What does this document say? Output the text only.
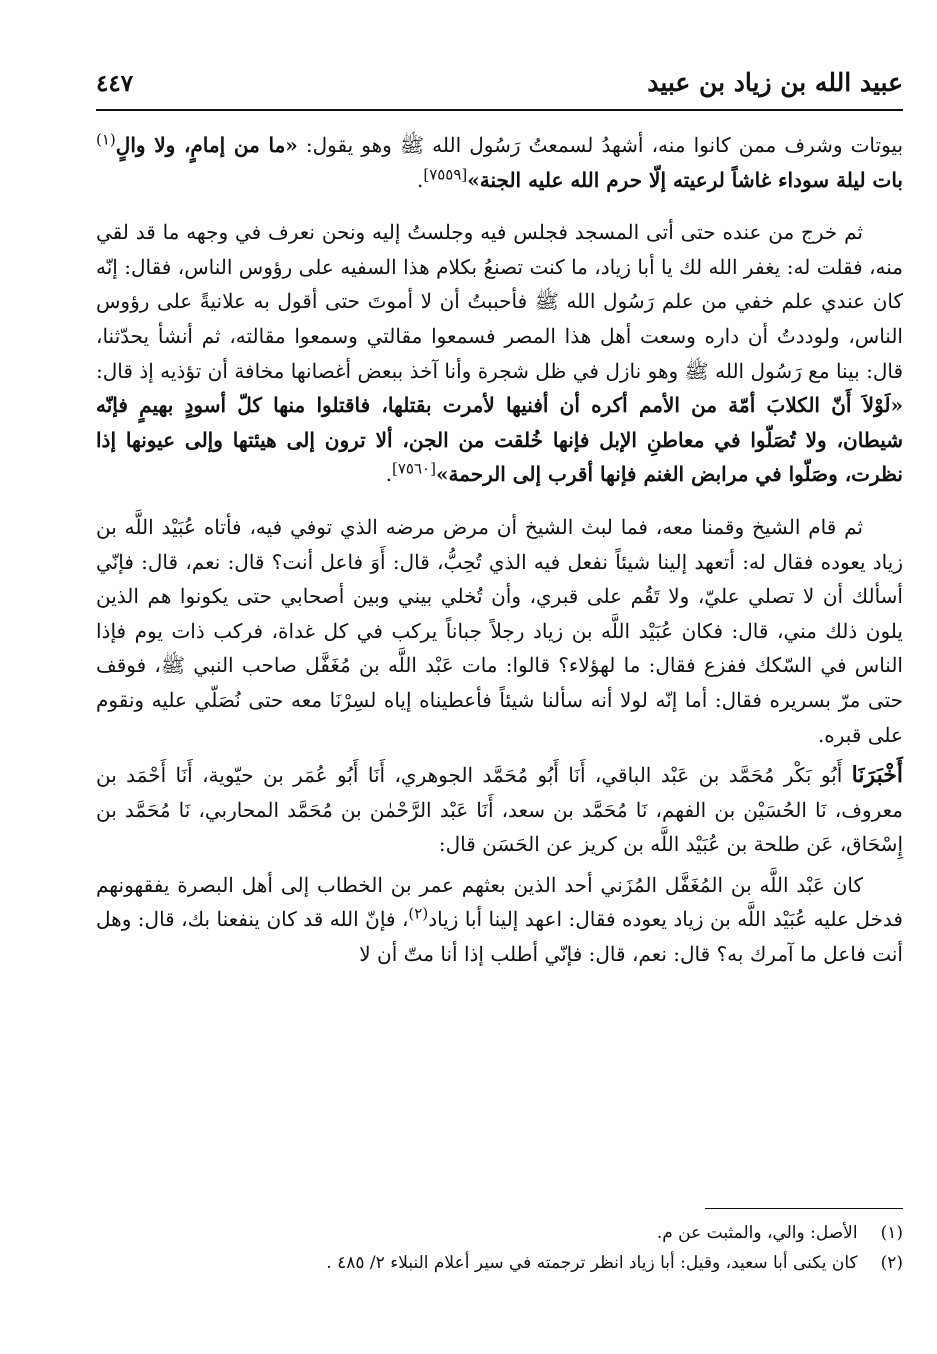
عبيد الله بن زياد بن عبيد
٤٤٧

بيوتات وشرف ممن كانوا منه، أشهدُ لسمعتُ رَسُول الله ﷺ وهو يقول: «ما من إمامٍ، ولا والٍ$^{(١)}$ بات ليلة سوداء غاشاً لرعيته إلّا حرم الله عليه الجنة»[٧٥٥٩].

ثم خرج من عنده حتى أتى المسجد فجلس فيه وجلستُ إليه ونحن نعرف في وجهه ما قد لقي منه، فقلت له: يغفر الله لك يا أبا زياد، ما كنت تصنعُ بكلام هذا السفيه على رؤوس الناس، فقال: إنّه كان عندي علم خفي من علم رَسُول الله ﷺ فأحببتُ أن لا أموتَ حتى أقول به علانيةً على رؤوس الناس، ولوددتُ أن داره وسعت أهل هذا المصر فسمعوا مقالتي وسمعوا مقالته، ثم أنشأ يحدّثنا، قال: بينا مع رَسُول الله ﷺ وهو نازل في ظل شجرة وأنا آخذ ببعض أغصانها مخافة أن تؤذيه إذ قال: «لَوْلاَ أَنّ الكلابَ أمّة من الأمم أكره أن أفنيها لأمرت بقتلها، فاقتلوا منها كلّ أسودٍ بهيمٍ فإنّه شيطان، ولا تُصَلّوا في معاطنِ الإبل فإنها خُلقت من الجن، ألا ترون إلى هيئتها وإلى عيونها إذا نظرت، وصَلّوا في مرابض الغنم فإنها أقرب إلى الرحمة»[٧٥٦٠].

ثم قام الشيخ وقمنا معه، فما لبث الشيخ أن مرض مرضه الذي توفي فيه، فأتاه عُبَيْد اللَّه بن زياد يعوده فقال له: أتعهد إلينا شيئاً نفعل فيه الذي تُحِبُّ، قال: أَوَ فاعل أنت؟ قال: نعم، قال: فإنّي أسألك أن لا تصلي عليّ، ولا تَقُم على قبري، وأن تُخلي بيني وبين أصحابي حتى يكونوا هم الذين يلون ذلك مني، قال: فكان عُبَيْد اللَّه بن زياد رجلاً جباناً يركب في كل غداة، فركب ذات يوم فإذا الناس في السّكك ففزع فقال: ما لهؤلاء؟ قالوا: مات عَبْد اللَّه بن مُغَفَّل صاحب النبي ﷺ، فوقف حتى مرّ بسريره فقال: أما إنّه لولا أنه سألنا شيئاً فأعطيناه إياه لسِرْنَا معه حتى نُصَلّي عليه ونقوم على قبره.

أَخْبَرَنَا أَبُو بَكْر مُحَمَّد بن عَبْد الباقي، أَنَا أَبُو مُحَمَّد الجوهري، أَنَا أَبُو عُمَر بن حيّوية، أَنَا أَحْمَد بن معروف، نَا الحُسَيْن بن الفهم، نَا مُحَمَّد بن سعد، أَنَا عَبْد الرَّحْمٰن بن مُحَمَّد المحاربي، نَا مُحَمَّد بن إِسْحَاق، عَن طلحة بن عُبَيْد اللَّه بن كريز عن الحَسَن قال:

كان عَبْد اللَّه بن المُغَفَّل المُزَني أحد الذين بعثهم عمر بن الخطاب إلى أهل البصرة يفقهونهم فدخل عليه عُبَيْد اللَّه بن زياد يعوده فقال: اعهد إلينا أبا زياد$^{(٢)}$، فإنّ الله قد كان ينفعنا بك، قال: وهل أنت فاعل ما آمرك به؟ قال: نعم، قال: فإنّي أطلب إذا أنا متّ أن لا

(١) الأصل: والي، والمثبت عن م.

(٢) كان يكنى أبا سعيد، وقيل: أبا زياد انظر ترجمته في سير أعلام النبلاء ٢/ ٤٨٥ .
